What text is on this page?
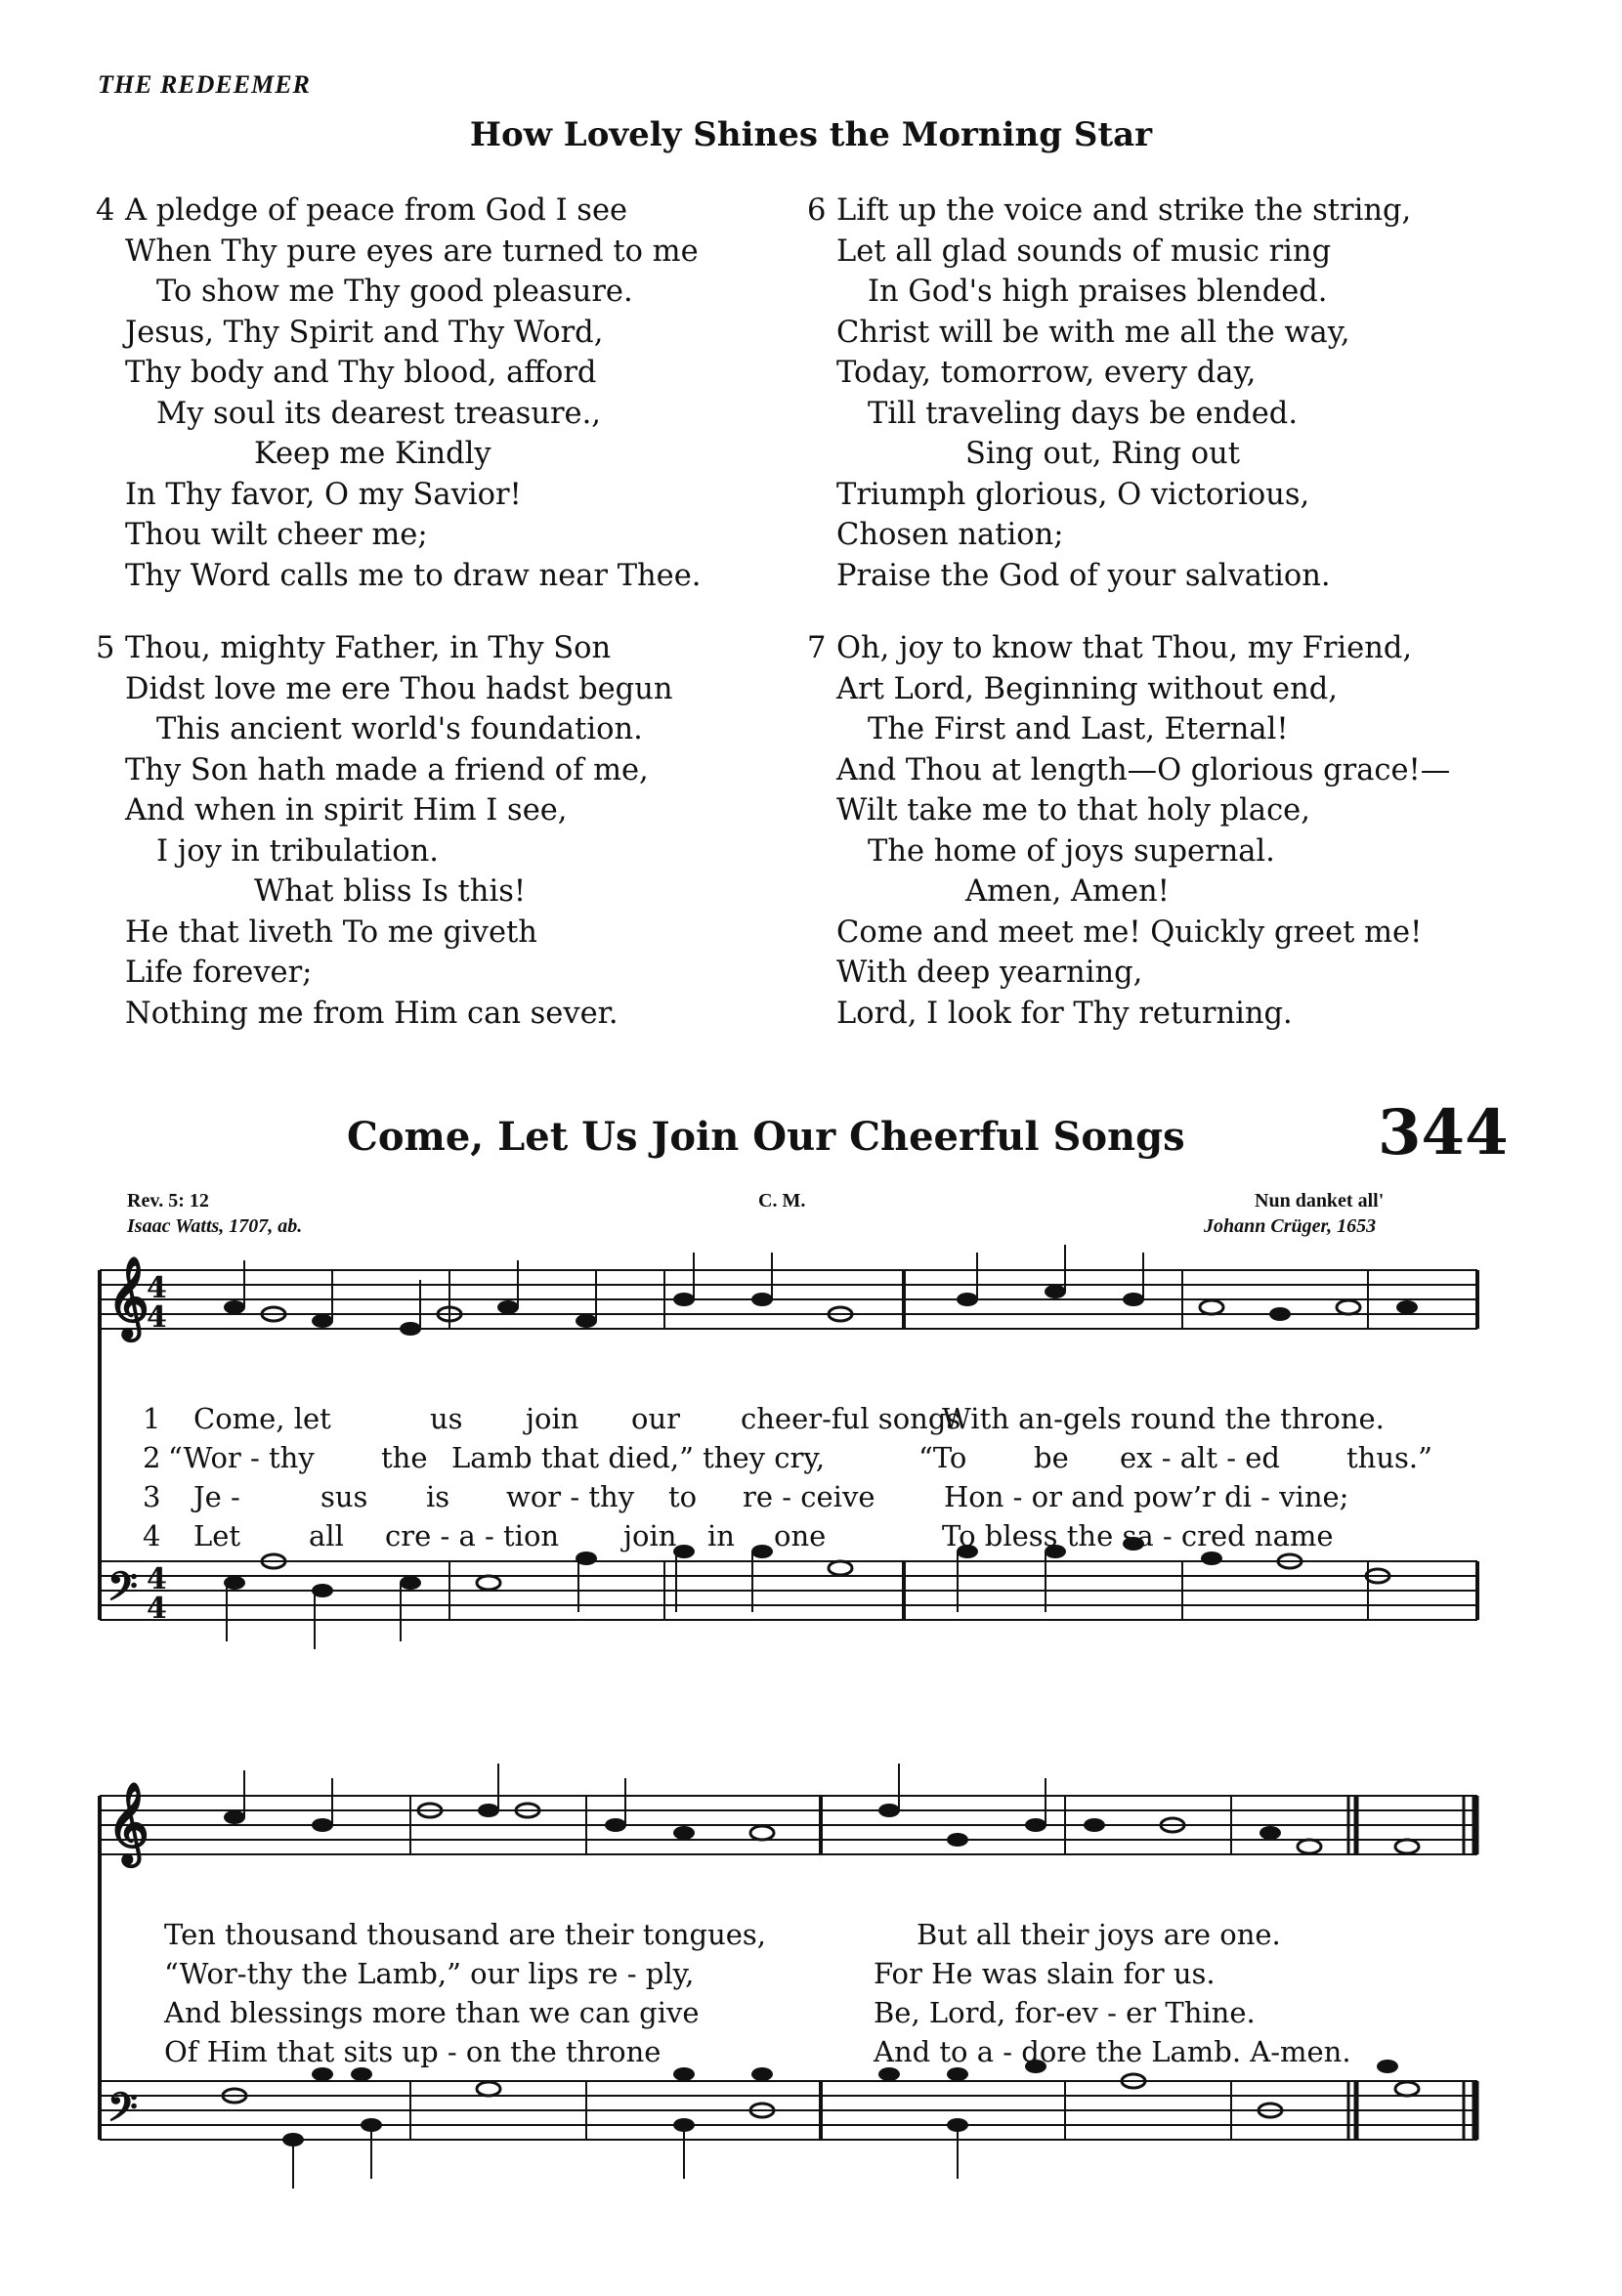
THE REDEEMER
How Lovely Shines the Morning Star
4 A pledge of peace from God I see
When Thy pure eyes are turned to me
To show me Thy good pleasure.
Jesus, Thy Spirit and Thy Word,
Thy body and Thy blood, afford
My soul its dearest treasure.,
Keep me Kindly
In Thy favor, O my Savior!
Thou wilt cheer me;
Thy Word calls me to draw near Thee.
6 Lift up the voice and strike the string,
Let all glad sounds of music ring
In God's high praises blended.
Christ will be with me all the way,
Today, tomorrow, every day,
Till traveling days be ended.
Sing out, Ring out
Triumph glorious, O victorious,
Chosen nation;
Praise the God of your salvation.
5 Thou, mighty Father, in Thy Son
Didst love me ere Thou hadst begun
This ancient world's foundation.
Thy Son hath made a friend of me,
And when in spirit Him I see,
I joy in tribulation.
What bliss Is this!
He that liveth To me giveth
Life forever;
Nothing me from Him can sever.
7 Oh, joy to know that Thou, my Friend,
Art Lord, Beginning without end,
The First and Last, Eternal!
And Thou at length—O glorious grace!—
Wilt take me to that holy place,
The home of joys supernal.
Amen, Amen!
Come and meet me! Quickly greet me!
With deep yearning,
Lord, I look for Thy returning.
Come, Let Us Join Our Cheerful Songs	344
Rev. 5: 12
Isaac Watts, 1707, ab.
C. M.	Nun danket all'
Johann Crüger, 1653
𝄞
4
4
𝄞
𝄢 4
4
𝄢
1 Come, let	us join our cheer-ful songs
With an-gels round the throne.
2 “Wor - thy the Lamb that died,” they cry,	“To be ex - alt - ed thus.”
3 Je -	sus is wor - thy to re - ceive Hon - or and pow’r di - vine;
4 Let all cre - a - tion join in one	To bless the sa - cred name
Ten thousand thousand are their tongues,	But all their joys are one.
“Wor-thy the Lamb,” our lips re - ply,	For He was slain for us.
And blessings more than we can give	Be, Lord, for-ev - er Thine.
Of Him that sits up - on the throne	And to a - dore the Lamb. A-men.
